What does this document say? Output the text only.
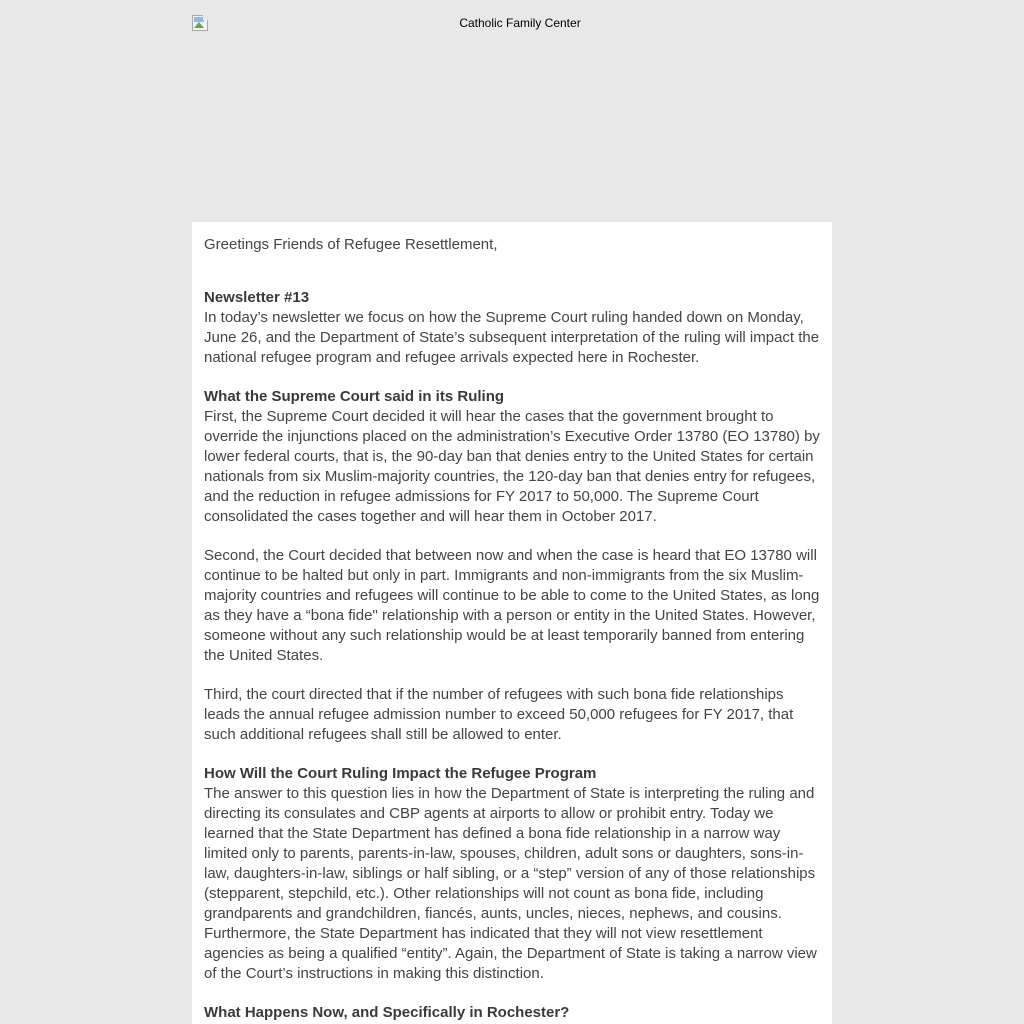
Catholic Family Center

Greetings Friends of Refugee Resettlement,

Newsletter #13

In today’s newsletter we focus on how the Supreme Court ruling handed down on Monday, June 26, and the Department of State’s subsequent interpretation of the ruling will impact the national refugee program and refugee arrivals expected here in Rochester.

What the Supreme Court said in its Ruling

First, the Supreme Court decided it will hear the cases that the government brought to override the injunctions placed on the administration’s Executive Order 13780 (EO 13780) by lower federal courts, that is, the 90-day ban that denies entry to the United States for certain nationals from six Muslim-majority countries, the 120-day ban that denies entry for refugees, and the reduction in refugee admissions for FY 2017 to 50,000. The Supreme Court consolidated the cases together and will hear them in October 2017.

Second, the Court decided that between now and when the case is heard that EO 13780 will continue to be halted but only in part. Immigrants and non-immigrants from the six Muslim-majority countries and refugees will continue to be able to come to the United States, as long as they have a “bona fide" relationship with a person or entity in the United States. However, someone without any such relationship would be at least temporarily banned from entering the United States.

Third, the court directed that if the number of refugees with such bona fide relationships leads the annual refugee admission number to exceed 50,000 refugees for FY 2017, that such additional refugees shall still be allowed to enter.

How Will the Court Ruling Impact the Refugee Program

The answer to this question lies in how the Department of State is interpreting the ruling and directing its consulates and CBP agents at airports to allow or prohibit entry. Today we learned that the State Department has defined a bona fide relationship in a narrow way limited only to parents, parents-in-law, spouses, children, adult sons or daughters, sons-in-law, daughters-in-law, siblings or half sibling, or a “step” version of any of those relationships (stepparent, stepchild, etc.). Other relationships will not count as bona fide, including grandparents and grandchildren, fiancés, aunts, uncles, nieces, nephews, and cousins. Furthermore, the State Department has indicated that they will not view resettlement agencies as being a qualified “entity”. Again, the Department of State is taking a narrow view of the Court’s instructions in making this distinction.

What Happens Now, and Specifically in Rochester?
